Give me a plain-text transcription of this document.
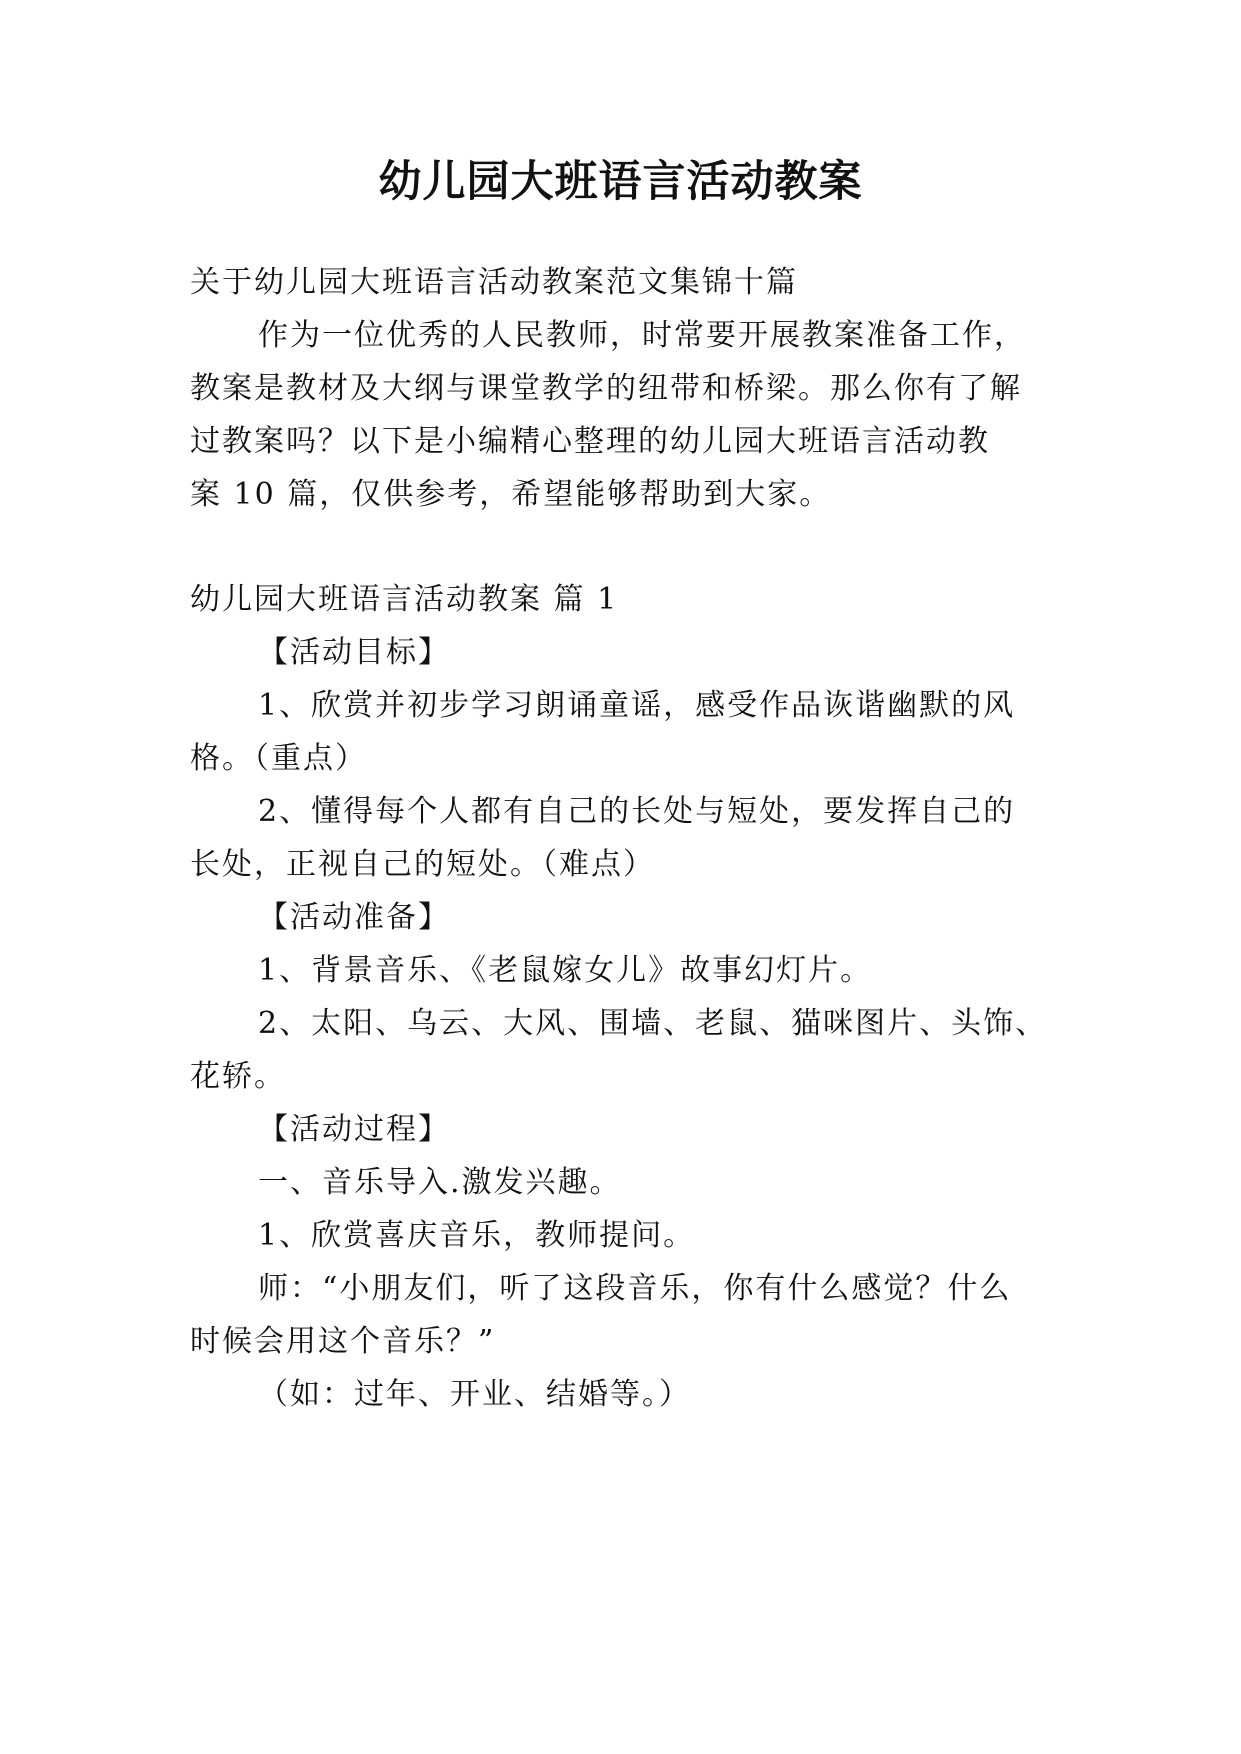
幼儿园大班语言活动教案
关于幼儿园大班语言活动教案范文集锦十篇
作为一位优秀的人民教师，时常要开展教案准备工作，
教案是教材及大纲与课堂教学的纽带和桥梁。那么你有了解
过教案吗？以下是小编精心整理的幼儿园大班语言活动教
案 10 篇，仅供参考，希望能够帮助到大家。
幼儿园大班语言活动教案 篇 1
【活动目标】
1、欣赏并初步学习朗诵童谣，感受作品诙谐幽默的风
格。（重点）
2、懂得每个人都有自己的长处与短处，要发挥自己的
长处，正视自己的短处。（难点）
【活动准备】
1、背景音乐、《老鼠嫁女儿》故事幻灯片。
2、太阳、乌云、大风、围墙、老鼠、猫咪图片、头饰、
花轿。
【活动过程】
一、音乐导入.激发兴趣。
1、欣赏喜庆音乐，教师提问。
师：“小朋友们，听了这段音乐，你有什么感觉？什么
时候会用这个音乐？”
（如：过年、开业、结婚等。）
